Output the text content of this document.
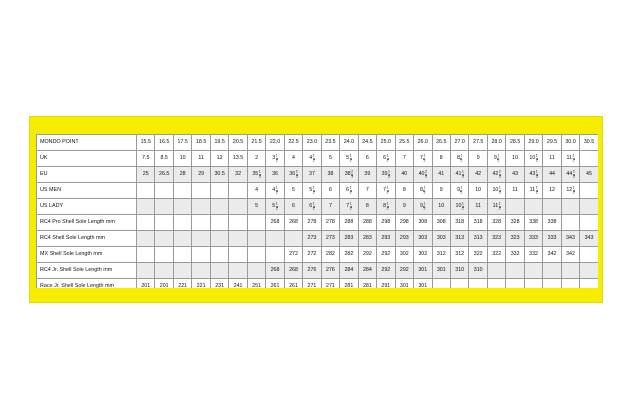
MONDO POINT	15.5	16.5	17.5	18.5	19.5	20.5	21.5	22.0	22.5	23.0	23.5	24.0	24.5	25.0	25.5	26.0	26.5	27.0	27.5	28.0	28.5	29.0	29.5	30.0	30.5	
UK	7.5	8.5	10	11	12	13.5	2	$3 \frac{1}{2}$	4	$4 \frac{1}{2}$	5	$5 \frac{1}{2}$	6	$6 \frac{1}{2}$	7	$7 \frac{1}{2}$	8	$8 \frac{1}{2}$	9	$9 \frac{1}{2}$	10	$10 \frac{1}{2}$	11	$11 \frac{1}{2}$

EU	25	26.5	28	29	30.5	32	$35 \frac{1}{3}$	36	$36 \frac{2}{3}$	37	38	$38 \frac{2}{3}$	39	$39 \frac{1}{3}$	40	$40 \frac{2}{3}$	41	$41 \frac{1}{3}$	42	$42 \frac{2}{3}$	43	$43 \frac{1}{3}$	44	$44 \frac{2}{3}$	45	
US MEN							4	$4 \frac{1}{2}$	5	$5 \frac{1}{2}$	6	$6 \frac{1}{2}$	7	$7 \frac{1}{2}$	8	$8 \frac{1}{2}$	9	$9 \frac{1}{2}$	10	$10 \frac{1}{2}$	11	$11 \frac{1}{2}$	12	$12 \frac{1}{2}$

US LADY							5	$5 \frac{1}{2}$	6	$6 \frac{1}{2}$	7	$7 \frac{1}{2}$	8	$8 \frac{1}{2}$	9	$9 \frac{1}{2}$	10	$10 \frac{1}{2}$	11	$11 \frac{1}{2}$

RC4 Pro Shell Sole Length mm								268	268	278	278	288	288	298	298	308	308	318	318	328	328	338	338			
RC4 Shell Sole Length mm										273	273	283	283	293	293	303	303	313	313	323	323	333	333	343	343	
MX Shell Sole Length mm									272	272	282	282	292	292	302	302	312	312	322	322	332	332	342	342		
RC4 Jr. Shell Sole Length mm								268	268	276	276	284	284	292	292	301	301	310	310							
Race Jr. Shell Sole Length mm	201	201	221	221	231	241	251	261	261	271	271	281	281	291	301	301										
